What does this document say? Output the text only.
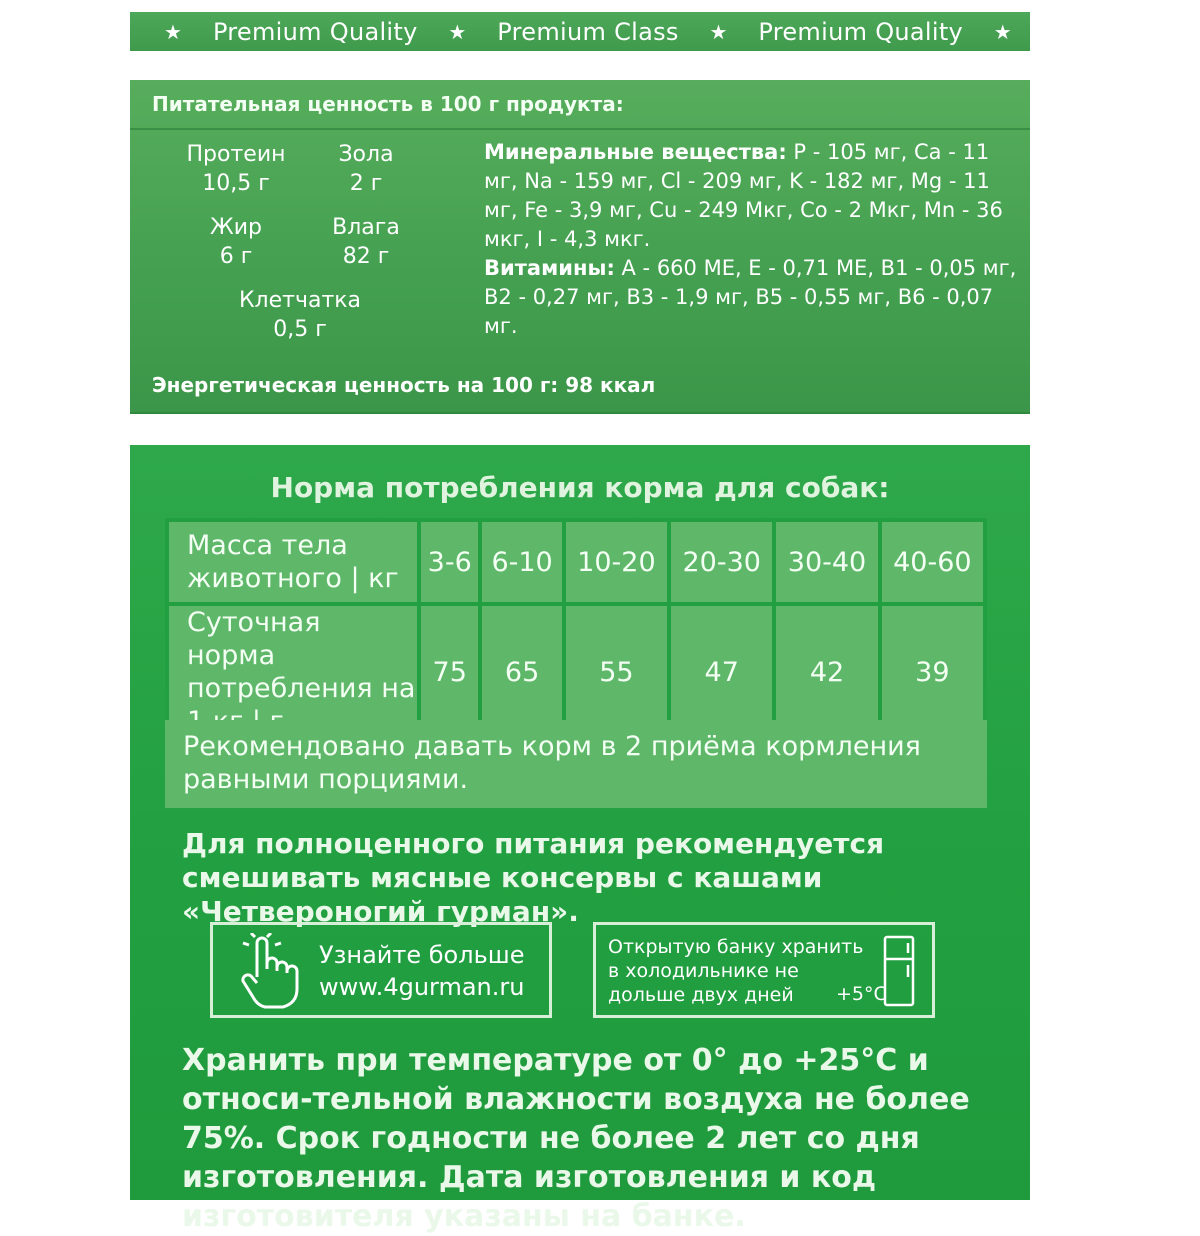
★ Premium Quality ★ Premium Class ★ Premium Quality ★
Питательная ценность в 100 г продукта:
Протеин
10,5 г
Зола
2 г
Жир
6 г
Влага
82 г
Клетчатка
0,5 г
Минеральные вещества: P - 105 мг, Ca - 11 мг, Na - 159 мг, Cl - 209 мг, K - 182 мг, Mg - 11 мг, Fe - 3,9 мг, Cu - 249 Мкг, Co - 2 Мкг, Mn - 36 мкг, I - 4,3 мкг.
Витамины: A - 660 МЕ, E - 0,71 МЕ, B1 - 0,05 мг, B2 - 0,27 мг, B3 - 1,9 мг, B5 - 0,55 мг, B6 - 0,07 мг.
Энергетическая ценность на 100 г: 98 ккал
Норма потребления корма для собак:
Масса тела животного | кг	3-6	6-10	10-20	20-30	30-40	40-60
Суточная норма потребления на	75	65	55	47	42	39
Рекомендовано давать корм в 2 приёма кормления равными порциями.
Для полноценного питания рекомендуется смешивать мясные консервы с кашами «Четвероногий гурман».
Узнайте больше
www.4gurman.ru
Открытую банку хранить в холодильнике не дольше двух дней	+5°С
Хранить при температуре от 0° до +25°С и относи-тельной влажности воздуха не более 75%. Срок годности не более 2 лет со дня изготовления. Дата изготовления и код изготовителя указаны на банке.
